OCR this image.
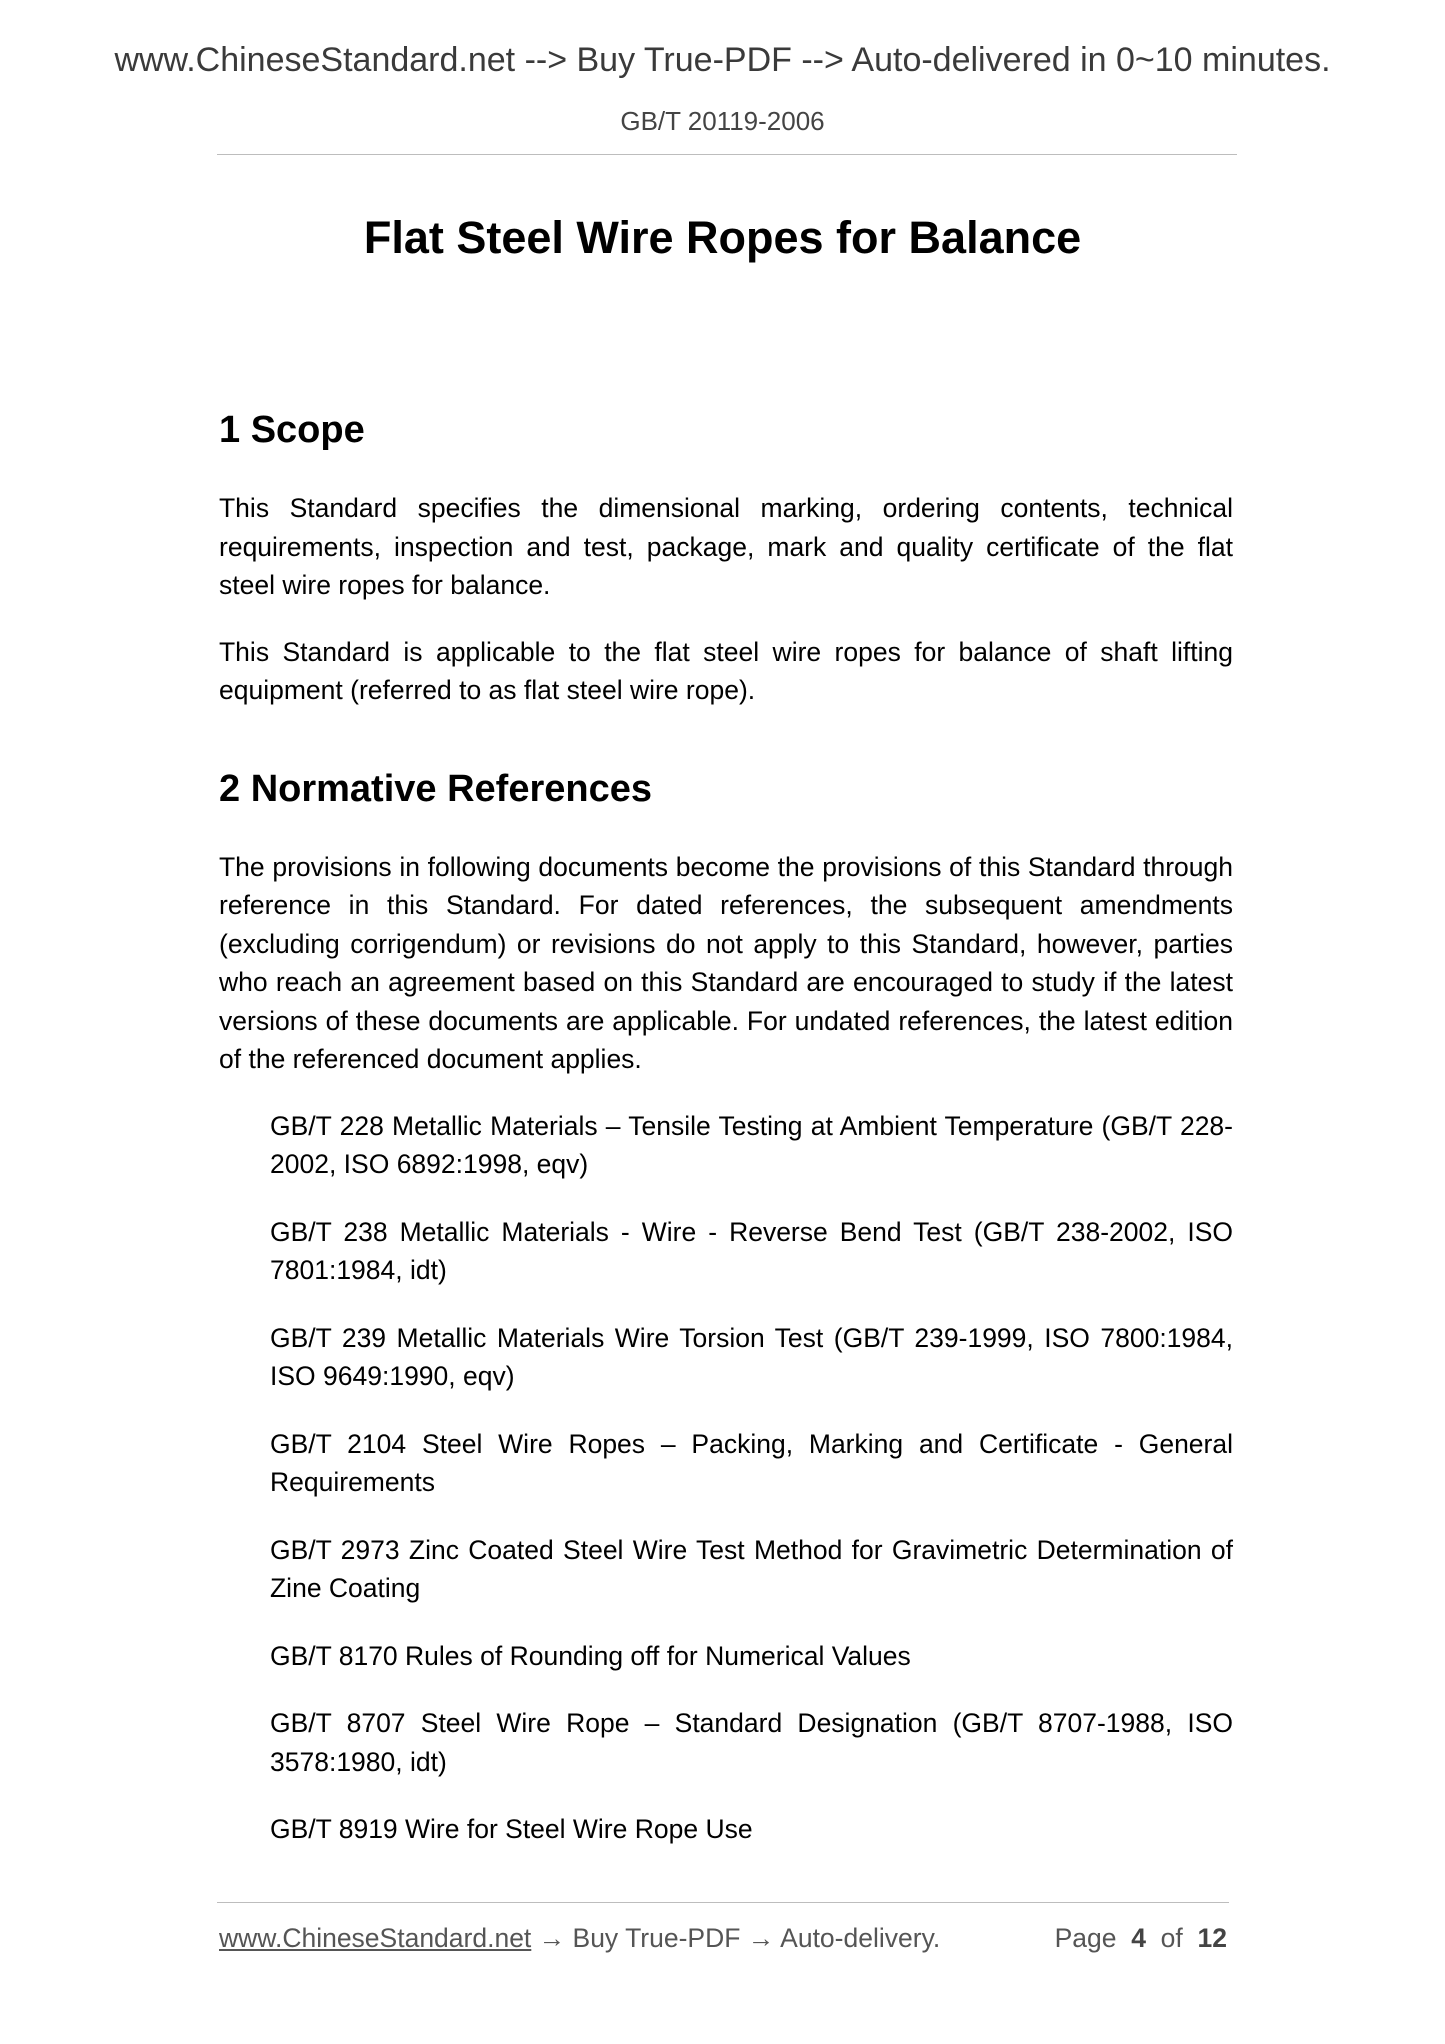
www.ChineseStandard.net --> Buy True-PDF --> Auto-delivered in 0~10 minutes.
GB/T 20119-2006
Flat Steel Wire Ropes for Balance
1 Scope

This Standard specifies the dimensional marking, ordering contents, technical requirements, inspection and test, package, mark and quality certificate of the flat steel wire ropes for balance.

This Standard is applicable to the flat steel wire ropes for balance of shaft lifting equipment (referred to as flat steel wire rope).

2 Normative References

The provisions in following documents become the provisions of this Standard through reference in this Standard. For dated references, the subsequent amendments (excluding corrigendum) or revisions do not apply to this Standard, however, parties who reach an agreement based on this Standard are encouraged to study if the latest versions of these documents are applicable. For undated references, the latest edition of the referenced document applies.

GB/T 228 Metallic Materials – Tensile Testing at Ambient Temperature (GB/T 228-2002, ISO 6892:1998, eqv)
GB/T 238 Metallic Materials - Wire - Reverse Bend Test (GB/T 238-2002, ISO 7801:1984, idt)
GB/T 239 Metallic Materials Wire Torsion Test (GB/T 239-1999, ISO 7800:1984, ISO 9649:1990, eqv)
GB/T 2104 Steel Wire Ropes – Packing, Marking and Certificate - General Requirements
GB/T 2973 Zinc Coated Steel Wire Test Method for Gravimetric Determination of Zine Coating
GB/T 8170 Rules of Rounding off for Numerical Values
GB/T 8707 Steel Wire Rope – Standard Designation (GB/T 8707-1988, ISO 3578:1980, idt)
GB/T 8919 Wire for Steel Wire Rope Use
www.ChineseStandard.net → Buy True-PDF → Auto-delivery.	Page 4 of 12
